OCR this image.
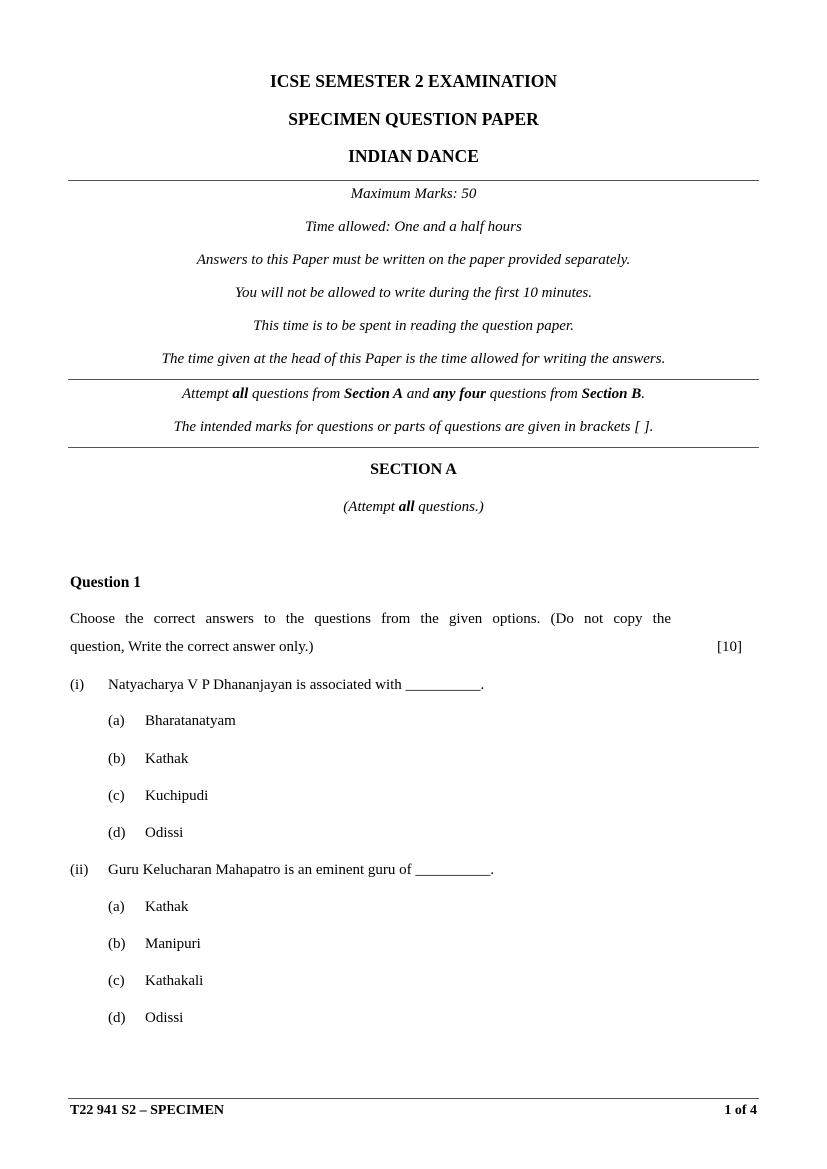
ICSE SEMESTER 2 EXAMINATION
SPECIMEN QUESTION PAPER
INDIAN DANCE
Maximum Marks: 50
Time allowed: One and a half hours
Answers to this Paper must be written on the paper provided separately.
You will not be allowed to write during the first 10 minutes.
This time is to be spent in reading the question paper.
The time given at the head of this Paper is the time allowed for writing the answers.
Attempt all questions from Section A and any four questions from Section B.
The intended marks for questions or parts of questions are given in brackets [ ].
SECTION A
(Attempt all questions.)
Question 1
Choose the correct answers to the questions from the given options. (Do not copy the
question, Write the correct answer only.)	[10]
(i) Natyacharya V P Dhananjayan is associated with __________.
(a) Bharatanatyam
(b) Kathak
(c) Kuchipudi
(d) Odissi
(ii) Guru Kelucharan Mahapatro is an eminent guru of __________.
(a) Kathak
(b) Manipuri
(c) Kathakali
(d) Odissi
T22 941 S2 – SPECIMEN	1 of 4
